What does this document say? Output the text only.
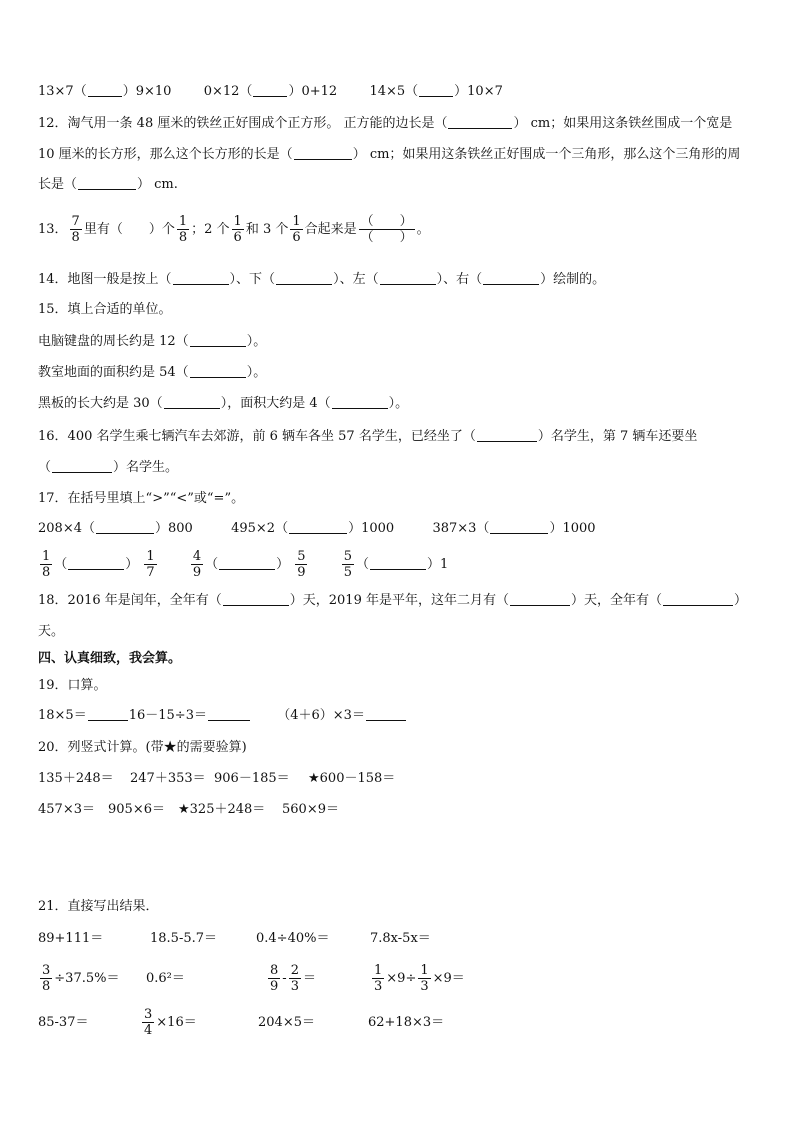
13×7（	）9×10 0×12（	）0+12 14×5（	）10×7
12．淘气用一条 48 厘米的铁丝正好围成个正方形。 正方能的边长是（	） cm；如果用这条铁丝围成一个宽是
10 厘米的长方形，那么这个长方形的长是（	） cm；如果用这条铁丝正好围成一个三角形，那么这个三角形的周
长是（	） cm.
13． $\frac{7}{8}$ 里有（　　）个 $\frac{1}{8}$ ；2 个 $\frac{1}{6}$ 和 3 个 $\frac{1}{6}$ 合起来是 $\frac{( )}{( )}$ 。
14．地图一般是按上（	）、下（	）、左（	）、右（	）绘制的。
15．填上合适的单位。
电脑键盘的周长约是 12（	）。
教室地面的面积约是 54（	）。
黑板的长大约是 30（	），面积大约是 4（	）。
16．400 名学生乘七辆汽车去郊游，前 6 辆车各坐 57 名学生，已经坐了（	）名学生，第 7 辆车还要坐
（	）名学生。
17．在括号里填上“>”“<”或“=”。
208×4（	）800	495×2（	）1000	387×3（	）1000
$\frac{1}{8}$ （	） $\frac{1}{7}$
	$\frac{4}{9}$ （	） $\frac{5}{9}$
	$\frac{5}{5}$ （	）1
18．2016 年是闰年，全年有（	）天，2019 年是平年，这年二月有（	）天，全年有（	）
天。
四、认真细致，我会算。
19．口算。
18×5＝	16－15÷3＝	（4＋6）×3＝
20．列竖式计算。(带★的需要验算)
135＋248＝ 247＋353＝ 906－185＝ ★600－158＝
457×3＝ 905×6＝ ★325＋248＝ 560×9＝
21．直接写出结果．
89+111＝	18.5-5.7＝	0.4÷40%＝	7.8x-5x＝
$\frac{3}{8} \div 37.5\%= 0.6^2=$	$\frac{8}{9} - \frac{2}{3}$ ＝	$\frac{1}{3} \times 9\div \frac{1}{3} \times 9=$
85-37＝	$\frac{3}{4} \times 16=$	204×5＝	62+18×3＝
